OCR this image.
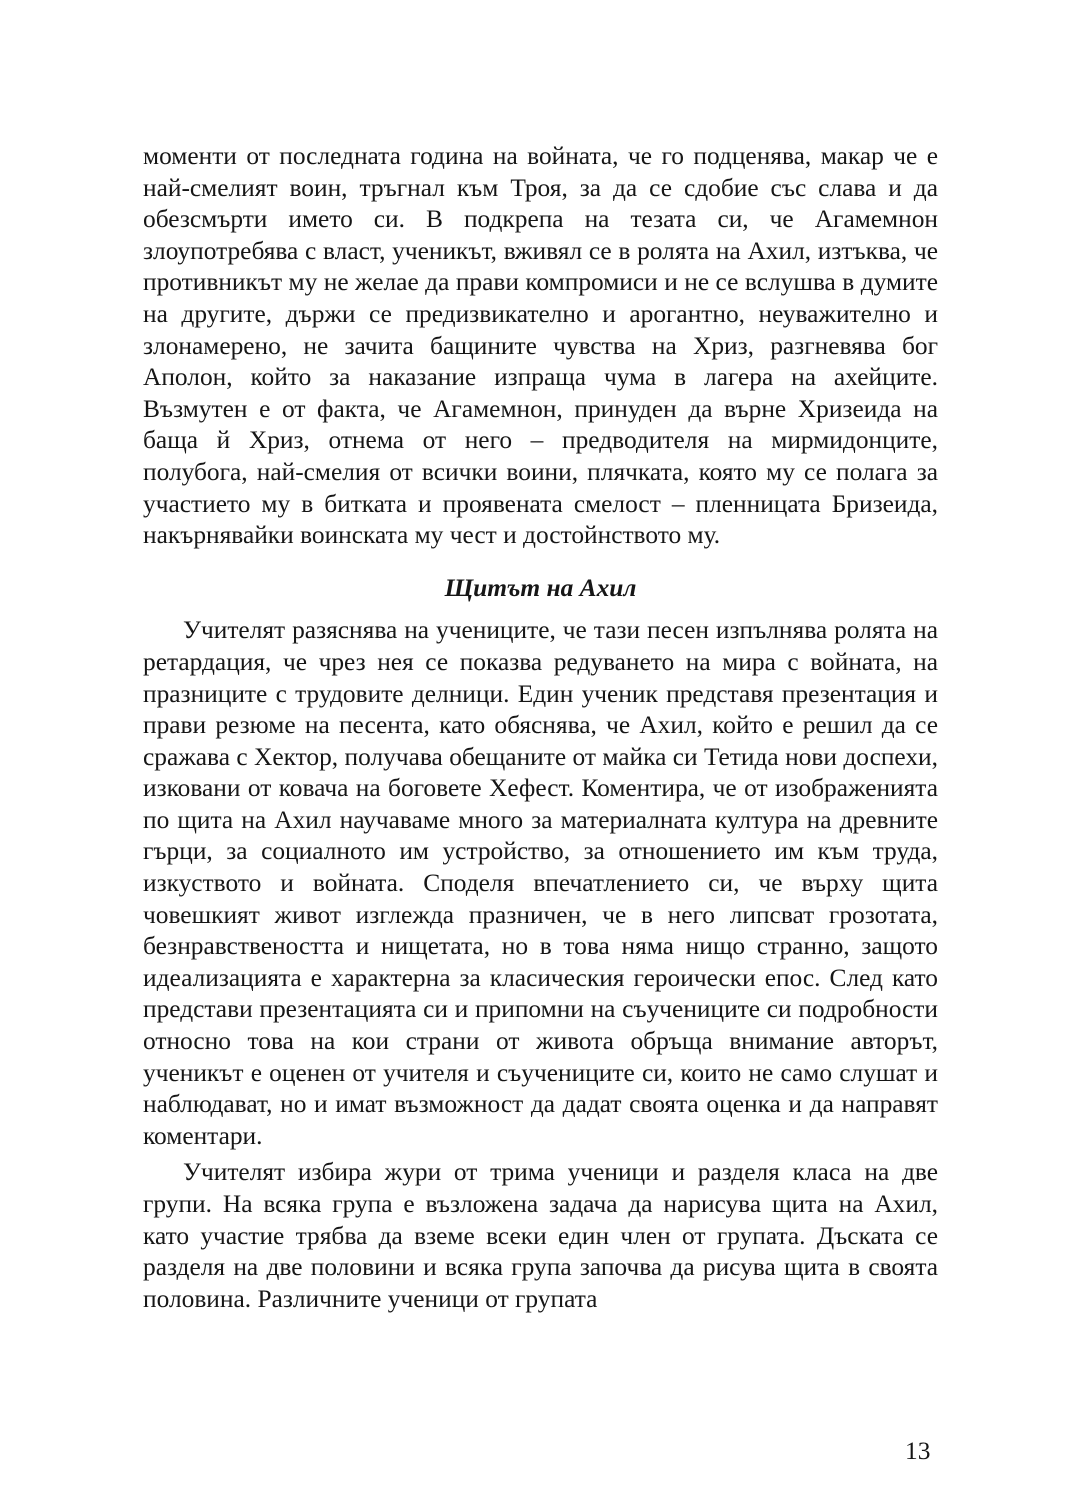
моменти от последната година на войната, че го подценява, макар че е най-смелият воин, тръгнал към Троя, за да се сдобие със слава и да обезсмърти името си. В подкрепа на тезата си, че Агамемнон злоупотребява с власт, ученикът, вживял се в ролята на Ахил, изтъква, че противникът му не желае да прави компромиси и не се вслушва в думите на другите, държи се предизвикателно и арогантно, неуважително и злонамерено, не зачита бащините чувства на Хриз, разгневява бог Аполон, който за наказание изпраща чума в лагера на ахейците. Възмутен е от факта, че Агамемнон, принуден да върне Хризеида на баща й Хриз, отнема от него – предводителя на мирмидонците, полубога, най-смелия от всички воини, плячката, която му се полага за участието му в битката и проявената смелост – пленницата Бризеида, накърнявайки воинската му чест и достойнството му.

Щитът на Ахил

Учителят разяснява на учениците, че тази песен изпълнява ролята на ретардация, че чрез нея се показва редуването на мира с войната, на празниците с трудовите делници. Един ученик представя презентация и прави резюме на песента, като обяснява, че Ахил, който е решил да се сражава с Хектор, получава обещаните от майка си Тетида нови доспехи, изковани от ковача на боговете Хефест. Коментира, че от изображенията по щита на Ахил научаваме много за материалната култура на древните гърци, за социалното им устройство, за отношението им към труда, изкуството и войната. Споделя впечатлението си, че върху щита човешкият живот изглежда празничен, че в него липсват грозотата, безнравствеността и нищетата, но в това няма нищо странно, защото идеализацията е характерна за класическия героически епос. След като представи презентацията си и припомни на съучениците си подробности относно това на кои страни от живота обръща внимание авторът, ученикът е оценен от учителя и съучениците си, които не само слушат и наблюдават, но и имат възможност да дадат своята оценка и да направят коментари.

Учителят избира жури от трима ученици и разделя класа на две групи. На всяка група е възложена задача да нарисува щита на Ахил, като участие трябва да вземе всеки един член от групата. Дъската се разделя на две половини и всяка група започва да рисува щита в своята половина. Различните ученици от групата

13
